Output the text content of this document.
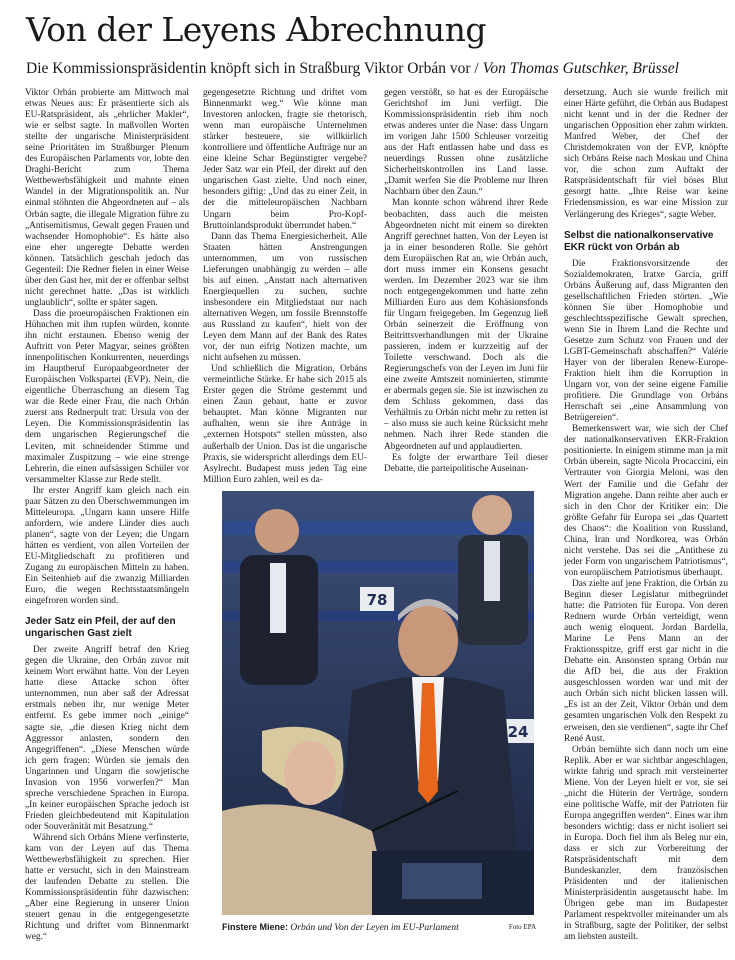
Von der Leyens Abrechnung
Die Kommissionspräsidentin knöpft sich in Straßburg Viktor Orbán vor / Von Thomas Gutschker, Brüssel

Viktor Orbán probierte am Mittwoch mal etwas Neues aus: Er präsentierte sich als EU-Ratspräsident, als „ehrlicher Makler“, wie er selbst sagte. In maßvollen Worten stellte der ungarische Ministerpräsident seine Prioritäten im Straßburger Plenum des Europäischen Parlaments vor, lobte den Draghi-Bericht zum Thema Wettbewerbsfähigkeit und mahnte einen Wandel in der Migrationspolitik an. Nur einmal stöhnten die Abgeordneten auf – als Orbán sagte, die illegale Migration führe zu „Antisemitismus, Gewalt gegen Frauen und wachsender Homophobie“. Es hätte also eine eher ungeregte Debatte werden können. Tatsächlich geschah jedoch das Gegenteil: Die Redner fielen in einer Weise über den Gast her, mit der er offenbar selbst nicht gerechnet hatte. „Das ist wirklich unglaublich“, sollte er später sagen.

Dass die proeuropäischen Fraktionen ein Hühnchen mit ihm rupfen würden, konnte ihn nicht erstaunen. Ebenso wenig der Auftritt von Peter Magyar, seines größten innenpolitischen Konkurrenten, neuerdings im Hauptberuf Europaabgeordneter der Europäischen Volkspartei (EVP). Nein, die eigentliche Überraschung an diesem Tag war die Rede einer Frau, die nach Orbán zuerst ans Rednerpult trat: Ursula von der Leyen. Die Kommissionspräsidentin las dem ungarischen Regierungschef die Leviten, mit schneidender Stimme und maximaler Zuspitzung – wie eine strenge Lehrerin, die einen aufsässigen Schüler vor versammelter Klasse zur Rede stellt.

Ihr erster Angriff kam gleich nach ein paar Sätzen zu den Überschwemmungen im Mitteleuropa. „Ungarn kann unsere Hilfe anfordern, wie andere Länder dies auch planen“, sagte von der Leyen; die Ungarn hätten es verdient, von allen Vorteilen der EU-Mitgliedschaft zu profitieren und Zugang zu europäischen Mitteln zu haben. Ein Seitenhieb auf die zwanzig Milliarden Euro, die wegen Rechtsstaatsmängeln eingefroren worden sind.

Jeder Satz ein Pfeil, der auf den ungarischen Gast zielt

Der zweite Angriff betraf den Krieg gegen die Ukraine, den Orbán zuvor mit keinem Wort erwähnt hatte. Von der Leyen hatte diese Attacke schon öfter unternommen, nun aber saß der Adressat erstmals neben ihr, nur wenige Meter entfernt. Es gebe immer noch „einige“ sagte sie, „die diesen Krieg nicht dem Aggressor anlasten, sondern den Angegriffenen“. „Diese Menschen würde ich gern fragen: Würden sie jemals den Ungarinnen und Ungarn die sowjetische Invasion von 1956 vorwerfen?“ Man spreche verschiedene Sprachen in Europa. „In keiner europäischen Sprache jedoch ist Frieden gleichbedeutend mit Kapitulation oder Souveränität mit Besatzung.“

Während sich Orbáns Miene verfinsterte, kam von der Leyen auf das Thema Wettbewerbsfähigkeit zu sprechen. Hier hatte er versucht, sich in den Mainstream der laufenden Debatte zu stellen. Die Kommissionspräsidentin führ dazwischen: „Aber eine Regierung in unserer Union steuert genau in die entgegengesetzte Richtung und driftet vom Binnenmarkt weg.“

gegengesetzte Richtung und driftet vom Binnenmarkt weg.“ Wie könne man Investoren anlocken, fragte sie rhetorisch, wenn man europäische Unternehmen stärker besteuere, sie willkürlich kontrolliere und öffentliche Aufträge nur an eine kleine Schar Begünstigter vergebe? Jeder Satz war ein Pfeil, der direkt auf den ungarischen Gast zielte. Und noch einer, besonders giftig: „Und das zu einer Zeit, in der die mitteleuropäischen Nachbarn Ungarn beim Pro-Kopf-Bruttoinlandsprodukt überrundet haben.“

Dann das Thema Energiesicherheit. Alle Staaten hätten Anstrengungen unternommen, um von russischen Lieferungen unabhängig zu werden – alle bis auf einen. „Anstatt nach alternativen Energiequellen zu suchen, suchte insbesondere ein Mitgliedstaat nur nach alternativen Wegen, um fossile Brennstoffe aus Russland zu kaufen“, hielt von der Leyen dem Mann auf der Bank des Rates vor, der nun eifrig Notizen machte, um nicht aufsehen zu müssen.

Und schließlich die Migration, Orbáns vermeintliche Stärke. Er habe sich 2015 als Erster gegen die Ströme gestemmt und einen Zaun gebaut, hatte er zuvor behauptet. Man könne Migranten nur aufhalten, wenn sie ihre Anträge in „externen Hotspots“ stellen müssten, also außerhalb der Union. Das ist die ungarische Praxis, sie widerspricht allerdings dem EU-Asylrecht. Budapest muss jeden Tag eine Million Euro zahlen, weil es da-

gegen verstößt, so hat es der Europäische Gerichtshof im Juni verfügt. Die Kommissionspräsidentin rieb ihm noch etwas anderes unter die Nase: dass Ungarn im vorigen Jahr 1500 Schleuser vorzeitig aus der Haft entlassen habe und dass es neuerdings Russen ohne zusätzliche Sicherheitskontrollen ins Land lasse. „Damit werfen Sie die Probleme nur Ihren Nachbarn über den Zaun.“

Man konnte schon während ihrer Rede beobachten, dass auch die meisten Abgeordneten nicht mit einem so direkten Angriff gerechnet hatten. Von der Leyen ist ja in einer besonderen Rolle. Sie gehört dem Europäischen Rat an, wie Orbán auch, dort muss immer ein Konsens gesucht werden. Im Dezember 2023 war sie ihm noch entgegengekommen und hatte zehn Milliarden Euro aus dem Kohäsionsfonds für Ungarn freigegeben. Im Gegenzug ließ Orbán seinerzeit die Eröffnung von Beitrittsverhandlungen mit der Ukraine passieren, indem er kurzzeitig auf der Toilette verschwand. Doch als die Regierungschefs von der Leyen im Juni für eine zweite Amtszeit nominierten, stimmte er abermals gegen sie. Sie ist inzwischen zu dem Schluss gekommen, dass das Verhältnis zu Orbán nicht mehr zu retten ist – also muss sie auch keine Rücksicht mehr nehmen. Nach ihrer Rede standen die Abgeordneten auf und applaudierten.

Es folgte der erwartbare Teil dieser Debatte, die parteipolitische Auseinan-

dersetzung. Auch sie wurde freilich mit einer Härte geführt, die Orbán aus Budapest nicht kennt und in der die Redner der ungarischen Opposition eher zahm wirkten. Manfred Weber, der Chef der Christdemokraten von der EVP, knöpfte sich Orbáns Reise nach Moskau und China vor, die schon zum Auftakt der Ratspräsidentschaft für viel böses Blut gesorgt hatte. „Ihre Reise war keine Friedensmission, es war eine Mission zur Verlängerung des Krieges“, sagte Weber.

Selbst die nationalkonservative EKR rückt von Orbán ab

Die Fraktionsvorsitzende der Sozialdemokraten, Iratxe García, griff Orbáns Äußerung auf, dass Migranten den gesellschaftlichen Frieden störten. „Wie können Sie über Homophobie und geschlechtsspezifische Gewalt sprechen, wenn Sie in Ihrem Land die Rechte und Gesetze zum Schutz von Frauen und der LGBT-Gemeinschaft abschaffen?“ Valérie Hayer von der liberalen Renew-Europe-Fraktion hielt ihm die Korruption in Ungarn vor, von der seine eigene Familie profitiere. Die Grundlage von Orbáns Herrschaft sei „eine Ansammlung von Betrügereien“.

Bemerkenswert war, wie sich der Chef der nationalkonservativen EKR-Fraktion positionierte. In einigem stimme man ja mit Orbán überein, sagte Nicola Procaccini, ein Vertrauter von Giorgia Meloni, was den Wert der Familie und die Gefahr der Migration angehe. Dann reihte aber auch er sich in den Chor der Kritiker ein: Die größte Gefahr für Europa sei „das Quartett des Chaos“: die Koalition von Russland, China, Iran und Nordkorea, was Orbán nicht verstehe. Das sei die „Antithese zu jeder Form von ungarischem Patriotismus“, von europäischem Patriotismus überhaupt.

Das zielte auf jene Fraktion, die Orbán zu Beginn dieser Legislatur mitbegründet hatte: die Patrioten für Europa. Von deren Rednern wurde Orbán verteidigt, wenn auch wenig eloquent. Jordan Bardella, Marine Le Pens Mann an der Fraktionsspitze, griff erst gar nicht in die Debatte ein. Ansonsten sprang Orbán nur die AfD bei, die aus der Fraktion ausgeschlossen worden war und mit der auch Orbán sich nicht blicken lassen will. „Es ist an der Zeit, Viktor Orbán und dem gesamten ungarischen Volk den Respekt zu erweisen, den sie verdienen“, sagte ihr Chef René Aust.

Orbán bemühte sich dann noch um eine Replik. Aber er war sichtbar angeschlagen, wirkte fahrig und sprach mit versteinerter Miene. Von der Leyen hielt er vor, sie sei „nicht die Hüterin der Verträge, sondern eine politische Waffe, mit der Patrioten für Europa angegriffen werden“. Eines war ihm besonders wichtig: dass er nicht isoliert sei in Europa. Doch fiel ihm als Beleg nur ein, dass er sich zur Vorbereitung der Ratspräsidentschaft mit dem Bundeskanzler, dem französischen Präsidenten und der italienischen Ministerpräsidentin ausgetauscht habe. Im Übrigen gebe man im Budapester Parlament respektvoller miteinander um als in Straßburg, sagte der Politiker, der selbst am liebsten austeilt.

78
24
Finstere Miene: Orbán und Von der Leyen im EU-Parlament	Foto EPA
